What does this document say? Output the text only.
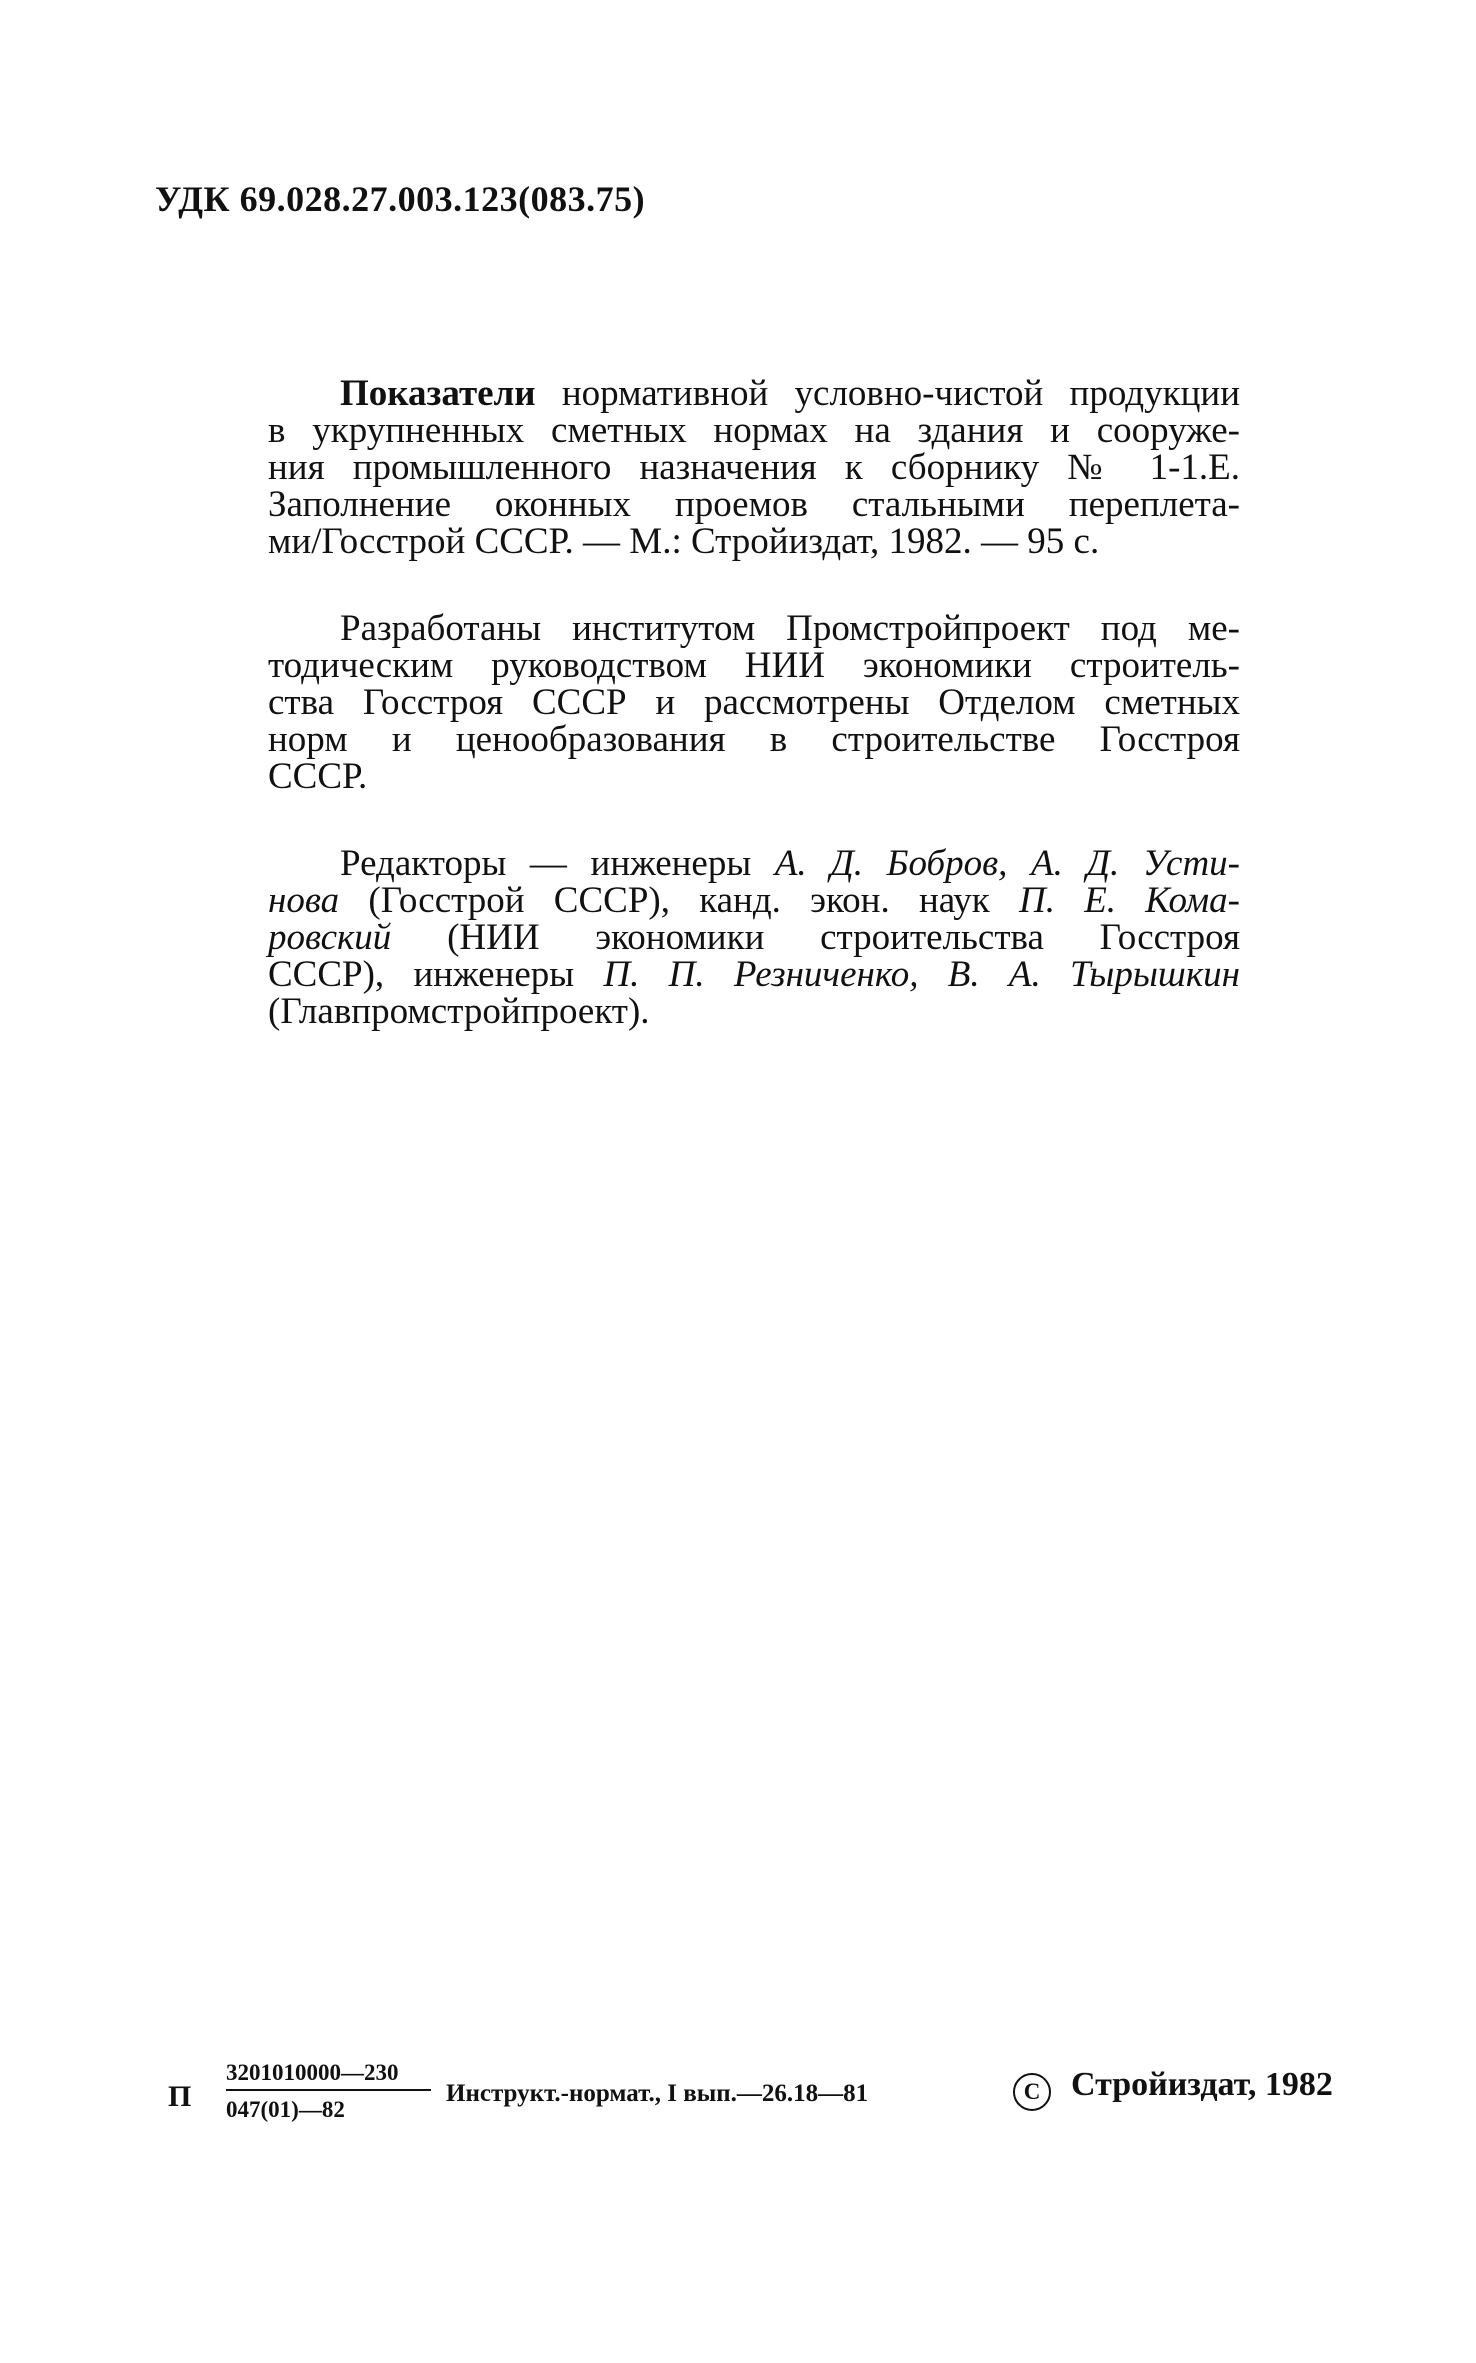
УДК 69.028.27.003.123(083.75)

Показатели нормативной условно-чистой продукции
в укрупненных сметных нормах на здания и сооруже-
ния промышленного назначения к сборнику № 1-1.Е.
Заполнение оконных проемов стальными переплета-
ми/Госстрой СССР. — М.: Стройиздат, 1982. — 95 с.

Разработаны институтом Промстройпроект под ме-
тодическим руководством НИИ экономики строитель-
ства Госстроя СССР и рассмотрены Отделом сметных
норм и ценообразования в строительстве Госстроя
СССР.

Редакторы — инженеры А. Д. Бобров, А. Д. Усти-
нова (Госстрой СССР), канд. экон. наук П. Е. Кома-
ровский (НИИ экономики строительства Госстроя
СССР), инженеры П. П. Резниченко, В. А. Тырышкин
(Главпромстройпроект).

П $\frac{3201010000—230}{047(01)—82}$ Инструкт.-нормат., I вып.—26.18—81	C Стройиздат, 1982
